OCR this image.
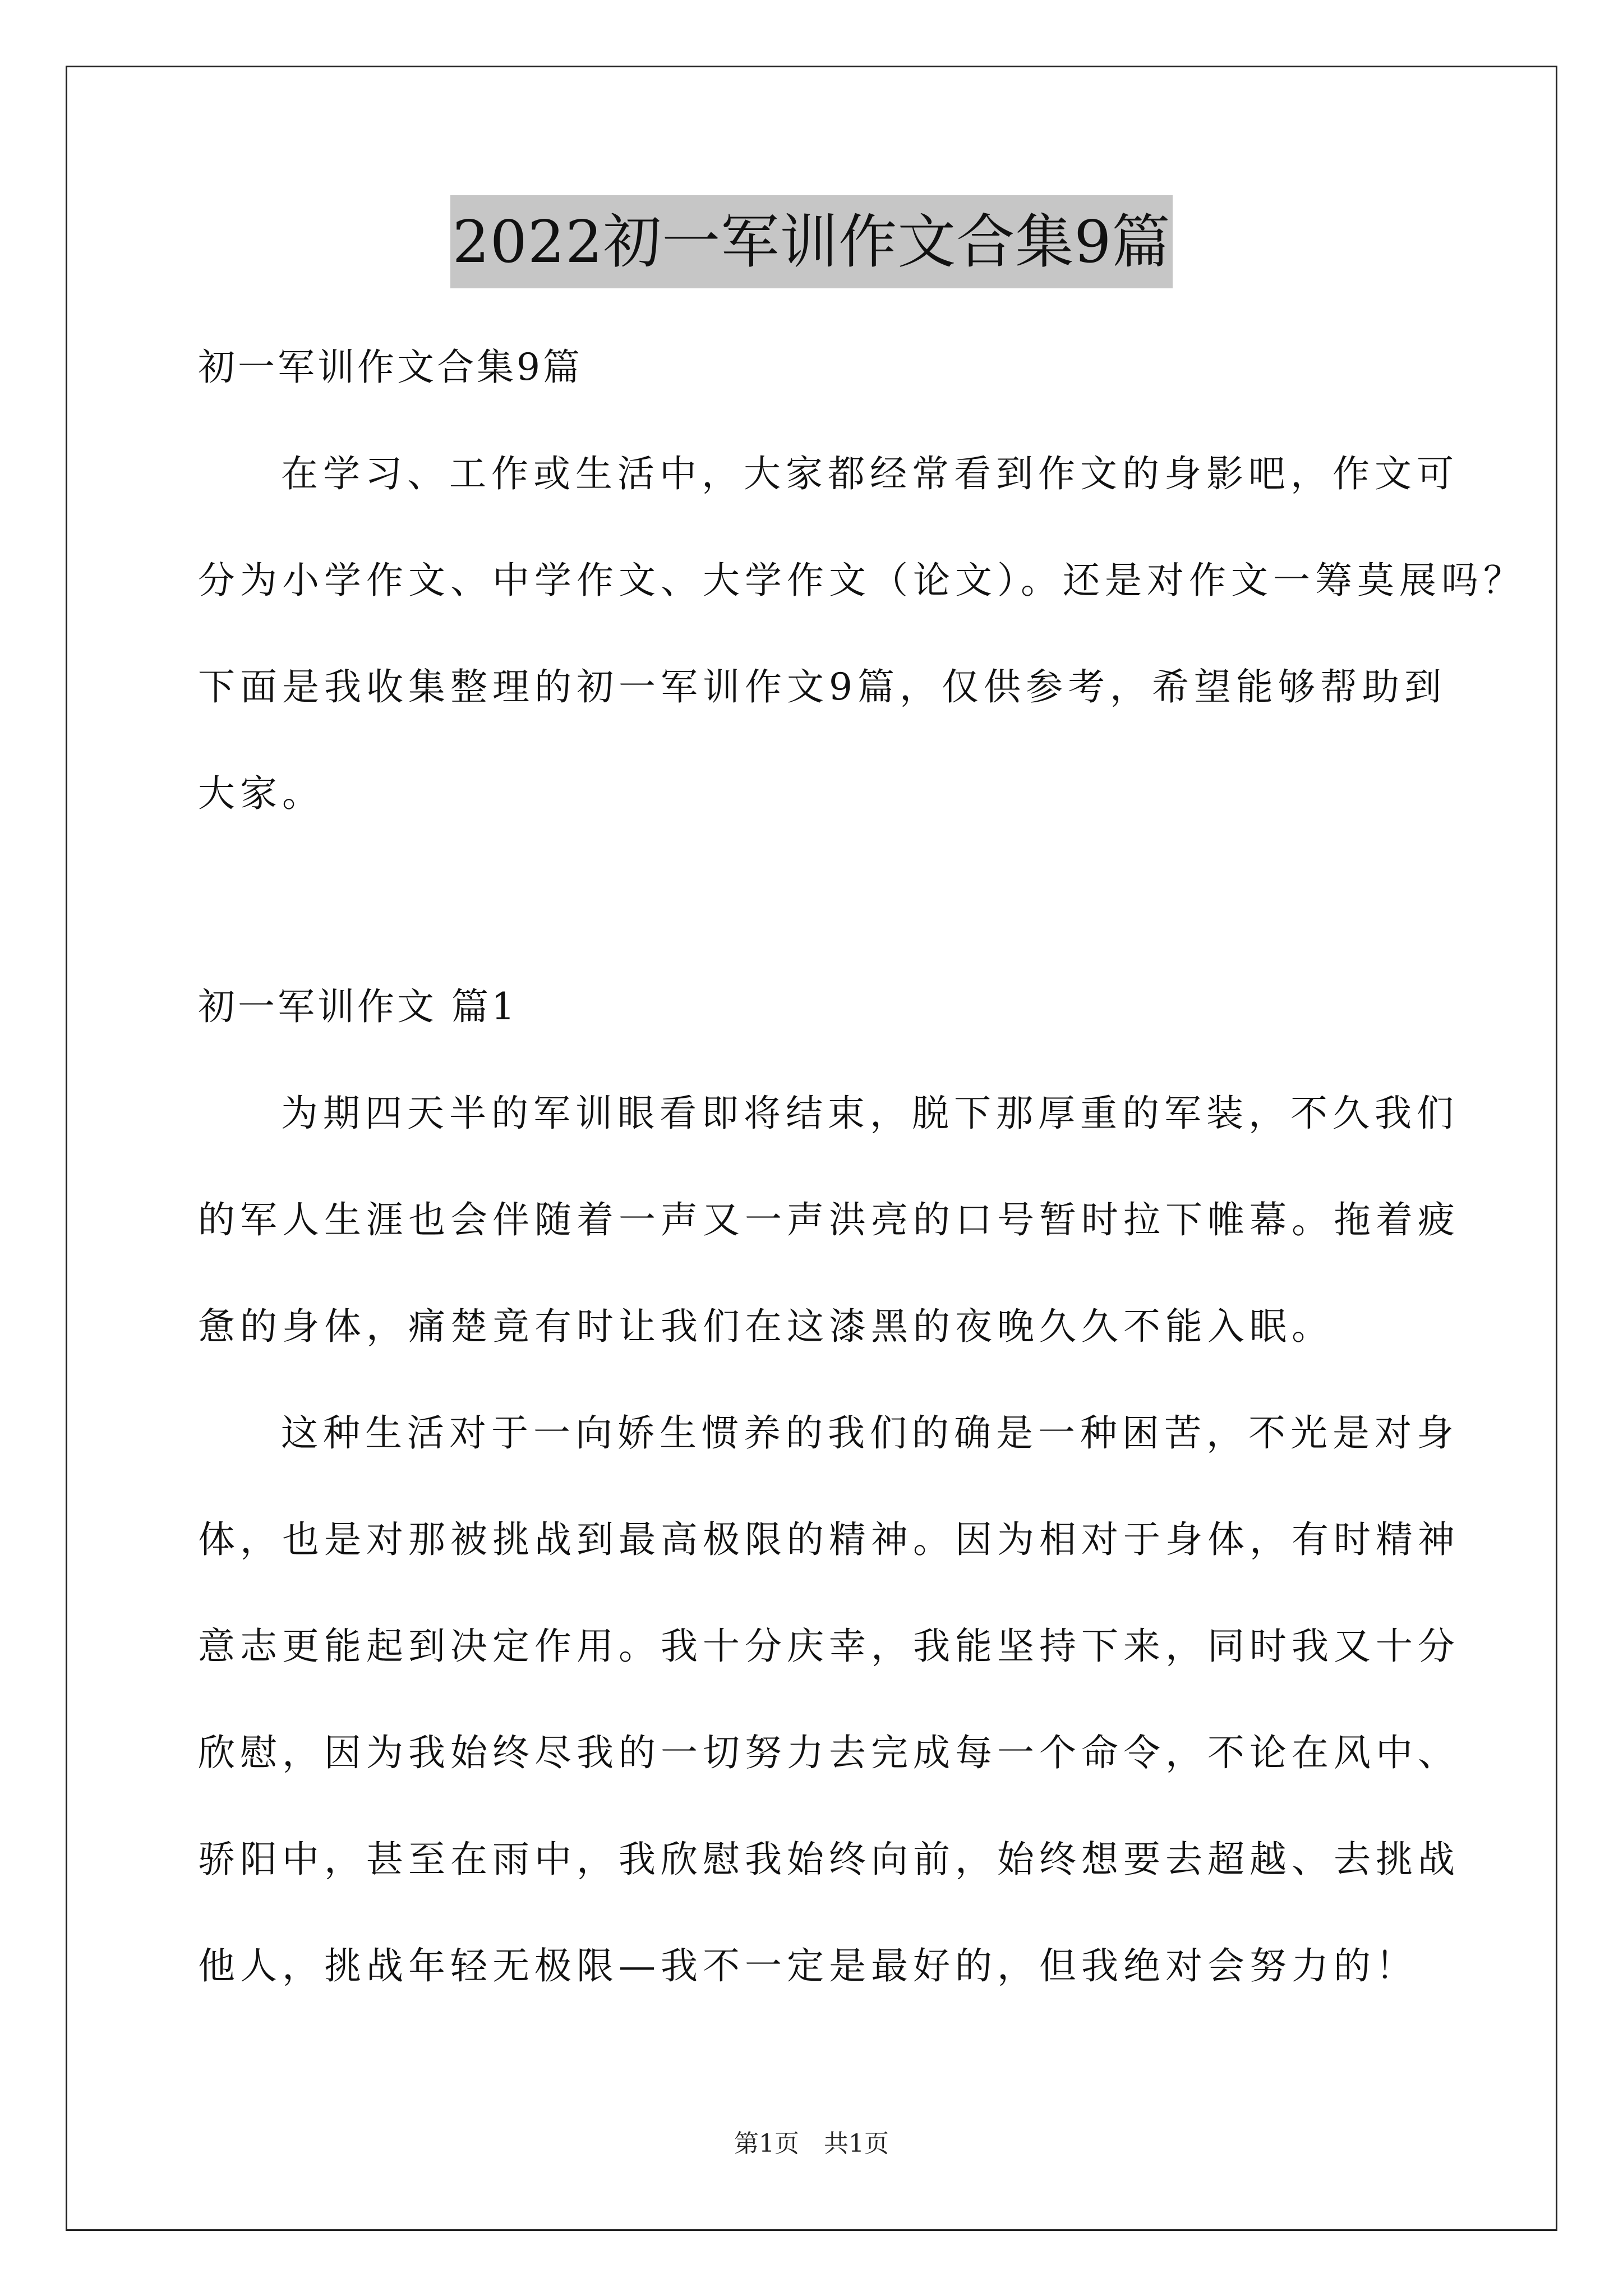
2022初一军训作文合集9篇
初一军训作文合集9篇
在学习、工作或生活中，大家都经常看到作文的身影吧，作文可
分为小学作文、中学作文、大学作文（论文）。还是对作文一筹莫展吗？
下面是我收集整理的初一军训作文9篇，仅供参考，希望能够帮助到
大家。
初一军训作文 篇1
为期四天半的军训眼看即将结束，脱下那厚重的军装，不久我们
的军人生涯也会伴随着一声又一声洪亮的口号暂时拉下帷幕。拖着疲
惫的身体，痛楚竟有时让我们在这漆黑的夜晚久久不能入眠。
这种生活对于一向娇生惯养的我们的确是一种困苦，不光是对身
体，也是对那被挑战到最高极限的精神。因为相对于身体，有时精神
意志更能起到决定作用。我十分庆幸，我能坚持下来，同时我又十分
欣慰，因为我始终尽我的一切努力去完成每一个命令，不论在风中、
骄阳中，甚至在雨中，我欣慰我始终向前，始终想要去超越、去挑战
他人，挑战年轻无极限—我不一定是最好的，但我绝对会努力的！
第1页 共1页
